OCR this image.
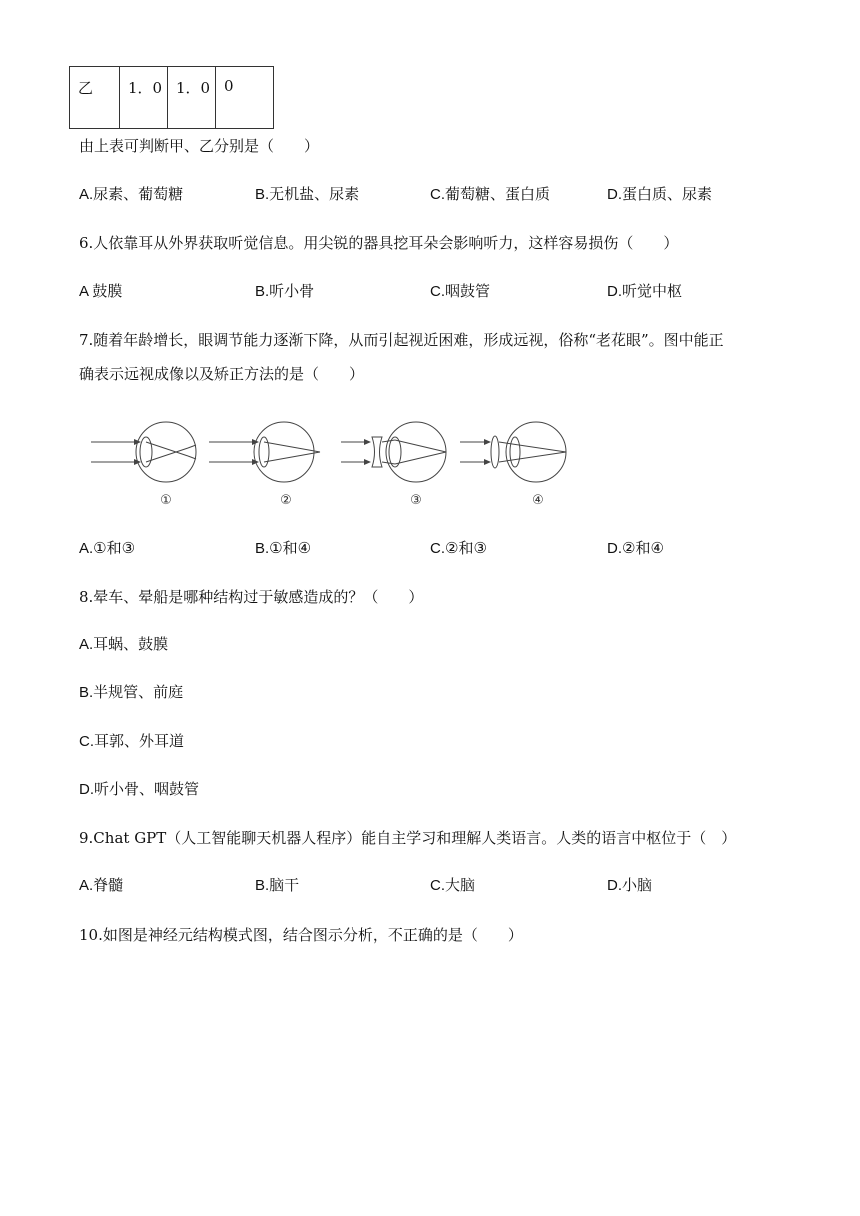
乙	1．0	1．0	0
由上表可判断甲、乙分别是（　　）
A.尿素、葡萄糖	B.无机盐、尿素	C.葡萄糖、蛋白质	D.蛋白质、尿素
6.人依靠耳从外界获取听觉信息。用尖锐的器具挖耳朵会影响听力，这样容易损伤（　　）
A 鼓膜	B.听小骨	C.咽鼓管	D.听觉中枢
7.随着年龄增长，眼调节能力逐渐下降，从而引起视近困难，形成远视，俗称“老花眼”。图中能正
确表示远视成像以及矫正方法的是（　　）
①	②	③	④
A.①和③	B.①和④	C.②和③	D.②和④
8.晕车、晕船是哪种结构过于敏感造成的？（　　）
A.耳蜗、鼓膜
B.半规管、前庭
C.耳郭、外耳道
D.听小骨、咽鼓管
9.Chat GPT（人工智能聊天机器人程序）能自主学习和理解人类语言。人类的语言中枢位于（　）
A.脊髓	B.脑干	C.大脑	D.小脑
10.如图是神经元结构模式图，结合图示分析，不正确的是（　　）
